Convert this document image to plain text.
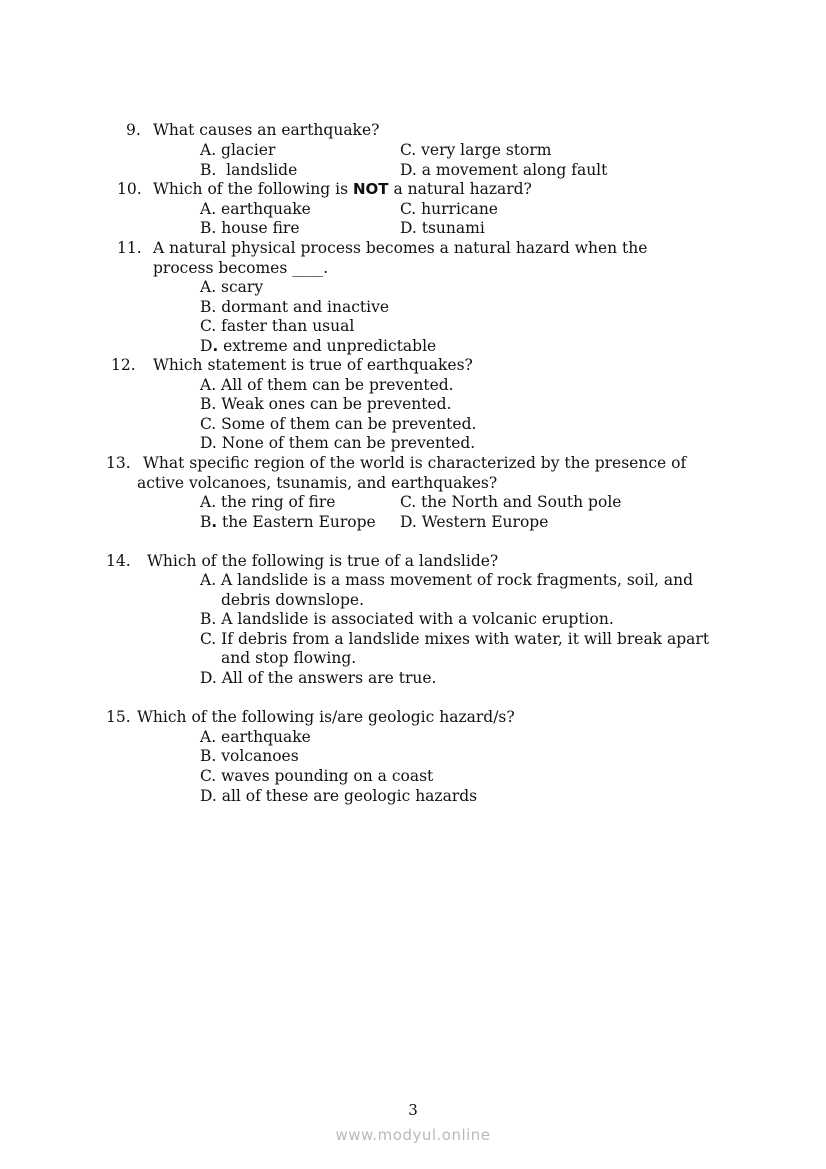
9. What causes an earthquake?
A. glacier	C. very large storm
B.  landslide	D. a movement along fault
10. Which of the following is NOT a natural hazard?
A. earthquake	C. hurricane
B. house fire	D. tsunami
11. A natural physical process becomes a natural hazard when the
process becomes ____.
A. scary
B. dormant and inactive
C. faster than usual
D. extreme and unpredictable
12. Which statement is true of earthquakes?
A. All of them can be prevented.
B. Weak ones can be prevented.
C. Some of them can be prevented.
D. None of them can be prevented.
13. What specific region of the world is characterized by the presence of
active volcanoes, tsunamis, and earthquakes?
A. the ring of fire	C. the North and South pole
B. the Eastern Europe D. Western Europe
14. Which of the following is true of a landslide?
A. A landslide is a mass movement of rock fragments, soil, and
debris downslope.
B. A landslide is associated with a volcanic eruption.
C. If debris from a landslide mixes with water, it will break apart
and stop flowing.
D. All of the answers are true.
15. Which of the following is/are geologic hazard/s?
A. earthquake
B. volcanoes
C. waves pounding on a coast
D. all of these are geologic hazards
3
www.modyul.online
